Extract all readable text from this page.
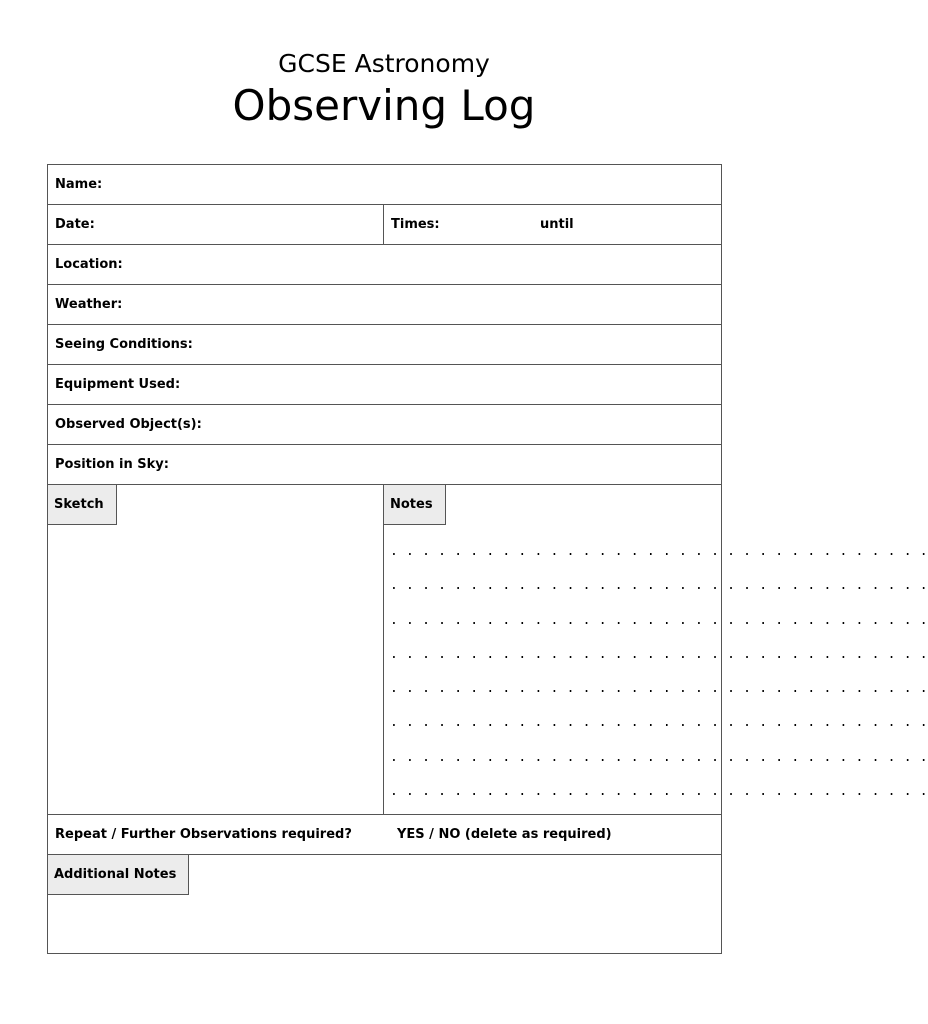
GCSE Astronomy
Observing Log
Name:
Date:	Times:	until
Location:
Weather:
Seeing Conditions:
Equipment Used:
Observed Object(s):
Position in Sky:
Sketch	Notes
. . . . . . . . . . . . . . . . . . . . . . . . . . . . . . . . . .
. . . . . . . . . . . . . . . . . . . . . . . . . . . . . . . . . .
. . . . . . . . . . . . . . . . . . . . . . . . . . . . . . . . . .
. . . . . . . . . . . . . . . . . . . . . . . . . . . . . . . . . .
. . . . . . . . . . . . . . . . . . . . . . . . . . . . . . . . . .
. . . . . . . . . . . . . . . . . . . . . . . . . . . . . . . . . .
. . . . . . . . . . . . . . . . . . . . . . . . . . . . . . . . . .
. . . . . . . . . . . . . . . . . . . . . . . . . . . . . . . . . .
Repeat / Further Observations required?	YES / NO (delete as required)
Additional Notes
